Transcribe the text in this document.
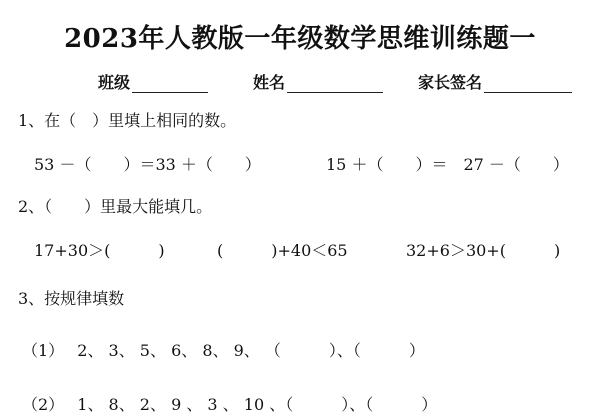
2023年人教版一年级数学思维训练题一
班级	姓名	家长签名
1、在（　）里填上相同的数。
53 －（　　）＝33 ＋（　　）	15 ＋（　　）＝　27 －（　　）
2、（　　）里最大能填几。
17+30＞(　　　)	(　　　)+40＜65	32+6＞30+(　　　)
3、按规律填数
（1）　 2、 3、 5、 6、 8、 9、 （　　　）、（　　　）
（2）　 1、 8、 2、 9 、 3 、 10 、（　　　）、（　　　）
